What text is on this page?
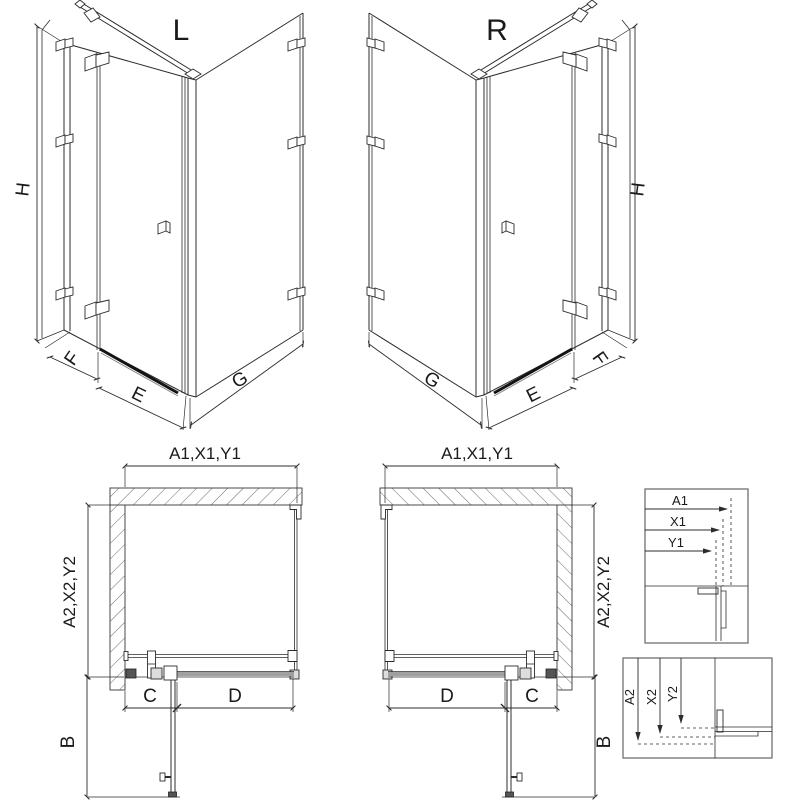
L
H
F
E
G
R
H
F
E
G
A1,X1,Y1
A2,X2,Y2
C	D
B
A1,X1,Y1
A2,X2,Y2
D	C
B
A1
X1
Y1
A2 X2 Y2
